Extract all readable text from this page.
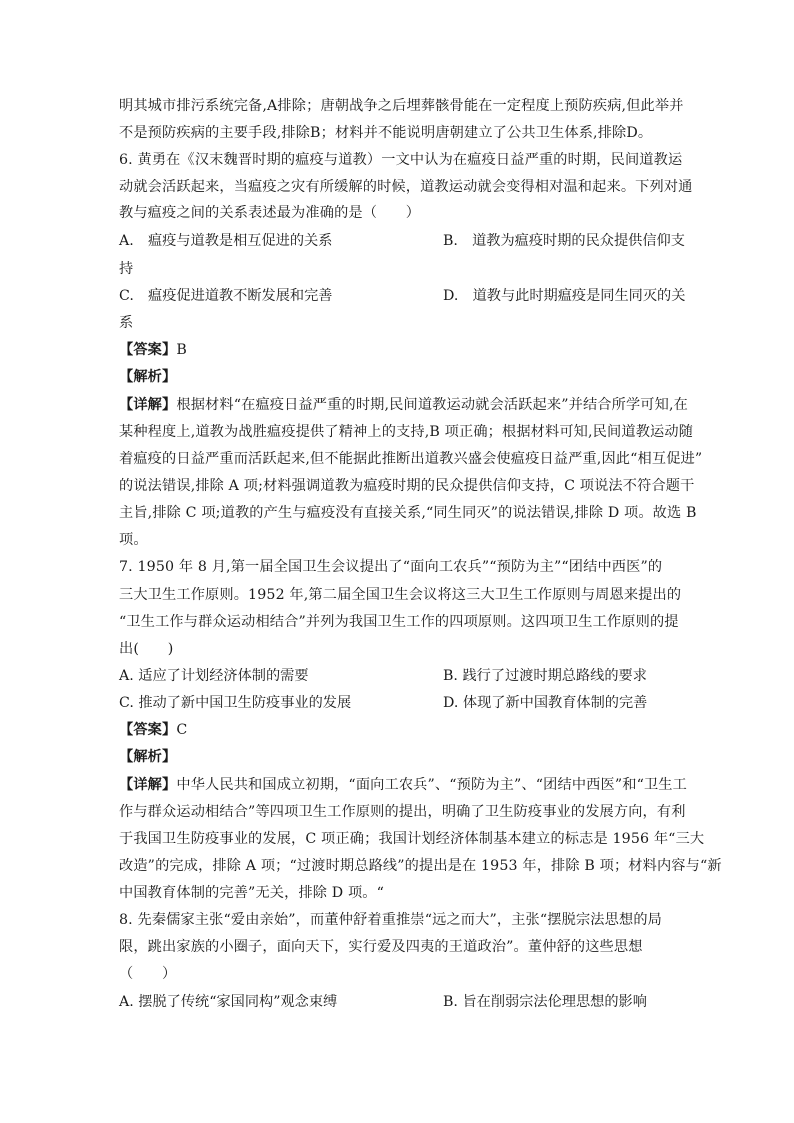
明其城市排污系统完备,A排除；唐朝战争之后埋葬骸骨能在一定程度上预防疾病,但此举并
不是预防疾病的主要手段,排除B；材料并不能说明唐朝建立了公共卫生体系,排除D。
6. 黄勇在《汉末魏晋时期的瘟疫与道教）一文中认为在瘟疫日益严重的时期，民间道教运
动就会活跃起来，当瘟疫之灾有所缓解的时候，道教运动就会变得相对温和起来。下列对通
教与瘟疫之间的关系表述最为准确的是（　　）
A.　瘟疫与道教是相互促进的关系	B.　道教为瘟疫时期的民众提供信仰支
持
C.　瘟疫促进道教不断发展和完善	D.　道教与此时期瘟疫是同生同灭的关
系
【答案】B
【解析】
【详解】根据材料“在瘟疫日益严重的时期,民间道教运动就会活跃起来”并结合所学可知,在
某种程度上,道教为战胜瘟疫提供了精神上的支持,B 项正确；根据材料可知,民间道教运动随
着瘟疫的日益严重而活跃起来,但不能据此推断出道教兴盛会使瘟疫日益严重,因此“相互促进”
的说法错误,排除 A 项;材料强调道教为瘟疫时期的民众提供信仰支持，C 项说法不符合题干
主旨,排除 C 项;道教的产生与瘟疫没有直接关系,“同生同灭”的说法错误,排除 D 项。故选 B
项。
7. 1950 年 8 月,第一届全国卫生会议提出了“面向工农兵”“预防为主”“团结中西医”的
三大卫生工作原则。1952 年,第二届全国卫生会议将这三大卫生工作原则与周恩来提出的
“卫生工作与群众运动相结合”并列为我国卫生工作的四项原则。这四项卫生工作原则的提
出(　　)
A. 适应了计划经济体制的需要	B. 践行了过渡时期总路线的要求
C. 推动了新中国卫生防疫事业的发展	D. 体现了新中国教育体制的完善
【答案】C
【解析】
【详解】中华人民共和国成立初期，“面向工农兵”、“预防为主”、“团结中西医”和“卫生工
作与群众运动相结合”等四项卫生工作原则的提出，明确了卫生防疫事业的发展方向，有利
于我国卫生防疫事业的发展，C 项正确；我国计划经济体制基本建立的标志是 1956 年“三大
改造”的完成，排除 A 项；“过渡时期总路线”的提出是在 1953 年，排除 B 项；材料内容与“新
中国教育体制的完善”无关，排除 D 项。“
8. 先秦儒家主张“爱由亲始”，而董仲舒着重推崇“远之而大”，主张“摆脱宗法思想的局
限，跳出家族的小圈子，面向天下，实行爱及四夷的王道政治”。董仲舒的这些思想
（　　）
A. 摆脱了传统“家国同构”观念束缚	B. 旨在削弱宗法伦理思想的影响
